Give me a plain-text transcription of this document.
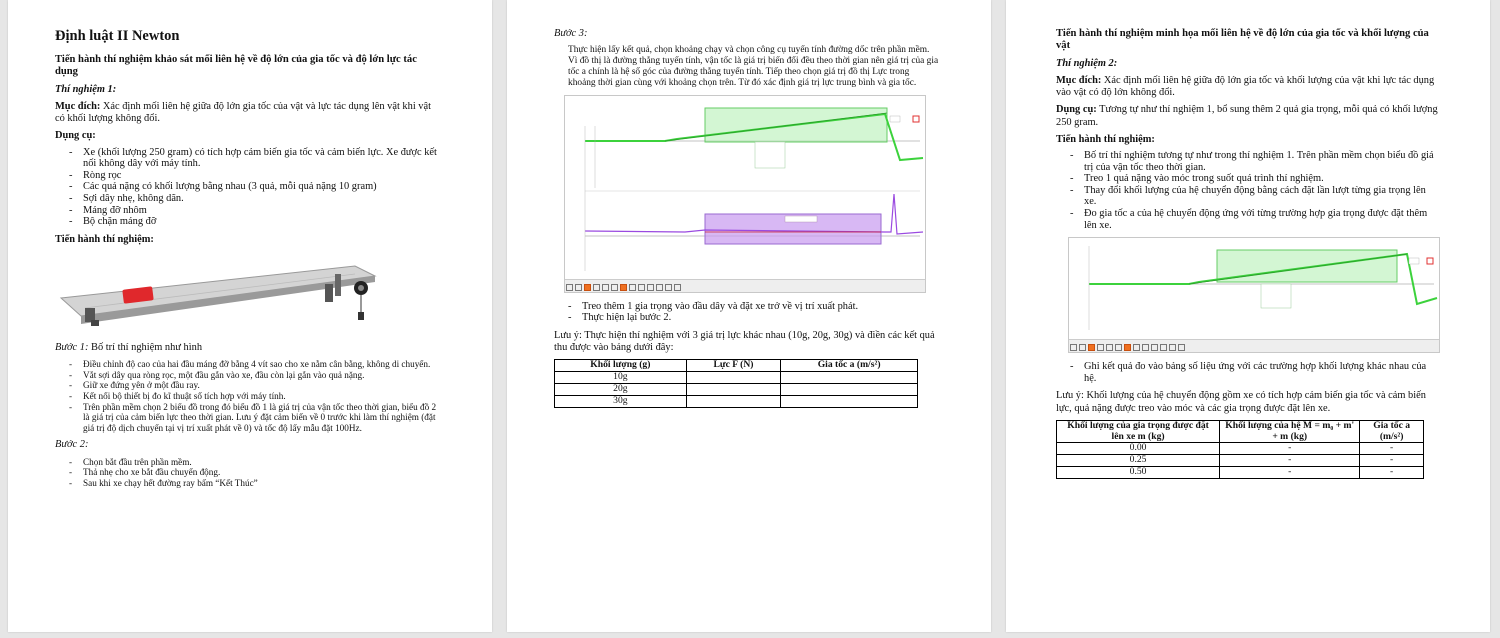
Định luật II Newton
Tiến hành thí nghiệm khảo sát mối liên hệ về độ lớn của gia tốc và độ lớn lực tác dụng

Thí nghiệm 1:

Mục đích: Xác định mối liên hệ giữa độ lớn gia tốc của vật và lực tác dụng lên vật khi vật có khối lượng không đổi.

Dụng cụ:

- Xe (khối lượng 250 gram) có tích hợp cảm biến gia tốc và cảm biến lực. Xe được kết nối không dây với máy tính.
- Ròng rọc
- Các quả nặng có khối lượng bằng nhau (3 quả, mỗi quả nặng 10 gram)
- Sợi dây nhẹ, không dãn.
- Máng đỡ nhôm
- Bộ chặn máng đỡ

Tiến hành thí nghiệm:

Bước 1: Bố trí thí nghiệm như hình

- Điều chỉnh độ cao của hai đầu máng đỡ bằng 4 vít sao cho xe nằm cân bằng, không di chuyển.
- Vắt sợi dây qua ròng rọc, một đầu gắn vào xe, đầu còn lại gắn vào quả nặng.
- Giữ xe đứng yên ở một đầu ray.
- Kết nối bộ thiết bị đo kĩ thuật số tích hợp với máy tính.
- Trên phần mềm chọn 2 biểu đồ trong đó biểu đồ 1 là giá trị của vận tốc theo thời gian, biểu đồ 2 là giá trị của cảm biến lực theo thời gian. Lưu ý đặt cảm biến về 0 trước khi làm thí nghiệm (đặt giá trị độ dịch chuyển tại vị trí xuất phát về 0) và tốc độ lấy mẫu đặt 100Hz.

Bước 2:

- Chọn bắt đầu trên phần mềm.
- Thả nhẹ cho xe bắt đầu chuyển động.
- Sau khi xe chạy hết đường ray bấm “Kết Thúc”

Bước 3:

Thực hiện lấy kết quả, chọn khoảng chạy và chọn công cụ tuyến tính đường dốc trên phần mềm. Vì đồ thị là đường thẳng tuyến tính, vận tốc là giá trị biến đổi đều theo thời gian nên giá trị của gia tốc a chính là hệ số góc của đường thẳng tuyến tính. Tiếp theo chọn giá trị đồ thị Lực trong khoảng thời gian cùng với khoảng chọn trên. Từ đó xác định giá trị lực trung bình và gia tốc.

- Treo thêm 1 gia trọng vào đầu dây và đặt xe trở về vị trí xuất phát.
- Thực hiện lại bước 2.

Lưu ý: Thực hiện thí nghiệm với 3 giá trị lực khác nhau (10g, 20g, 30g) và điền các kết quả thu được vào bảng dưới đây:

Khối lượng (g)	Lực F (N)	Gia tốc a (m/s²)
10g		
20g		
30g		
Tiến hành thí nghiệm minh họa mối liên hệ về độ lớn của gia tốc và khối lượng của vật

Thí nghiệm 2:

Mục đích: Xác định mối liên hệ giữa độ lớn gia tốc và khối lượng của vật khi lực tác dụng vào vật có độ lớn không đổi.

Dụng cụ: Tương tự như thí nghiệm 1, bổ sung thêm 2 quả gia trọng, mỗi quả có khối lượng 250 gram.

Tiến hành thí nghiệm:

- Bố trí thí nghiệm tương tự như trong thí nghiệm 1. Trên phần mềm chọn biểu đồ giá trị của vận tốc theo thời gian.
- Treo 1 quả nặng vào móc trong suốt quá trình thí nghiệm.
- Thay đổi khối lượng của hệ chuyển động bằng cách đặt lần lượt từng gia trọng lên xe.
- Đo gia tốc a của hệ chuyển động ứng với từng trường hợp gia trọng được đặt thêm lên xe.
- Ghi kết quả đo vào bảng số liệu ứng với các trường hợp khối lượng khác nhau của hệ.

Lưu ý: Khối lượng của hệ chuyển động gồm xe có tích hợp cảm biến gia tốc và cảm biến lực, quả nặng được treo vào móc và các gia trọng được đặt lên xe.

Khối lượng của gia trọng được đặt lên xe m (kg)	Khối lượng của hệ M = m₀ + m' + m (kg)	Gia tốc a (m/s²)
0.00	-	-
0.25	-	-
0.50	-	-
